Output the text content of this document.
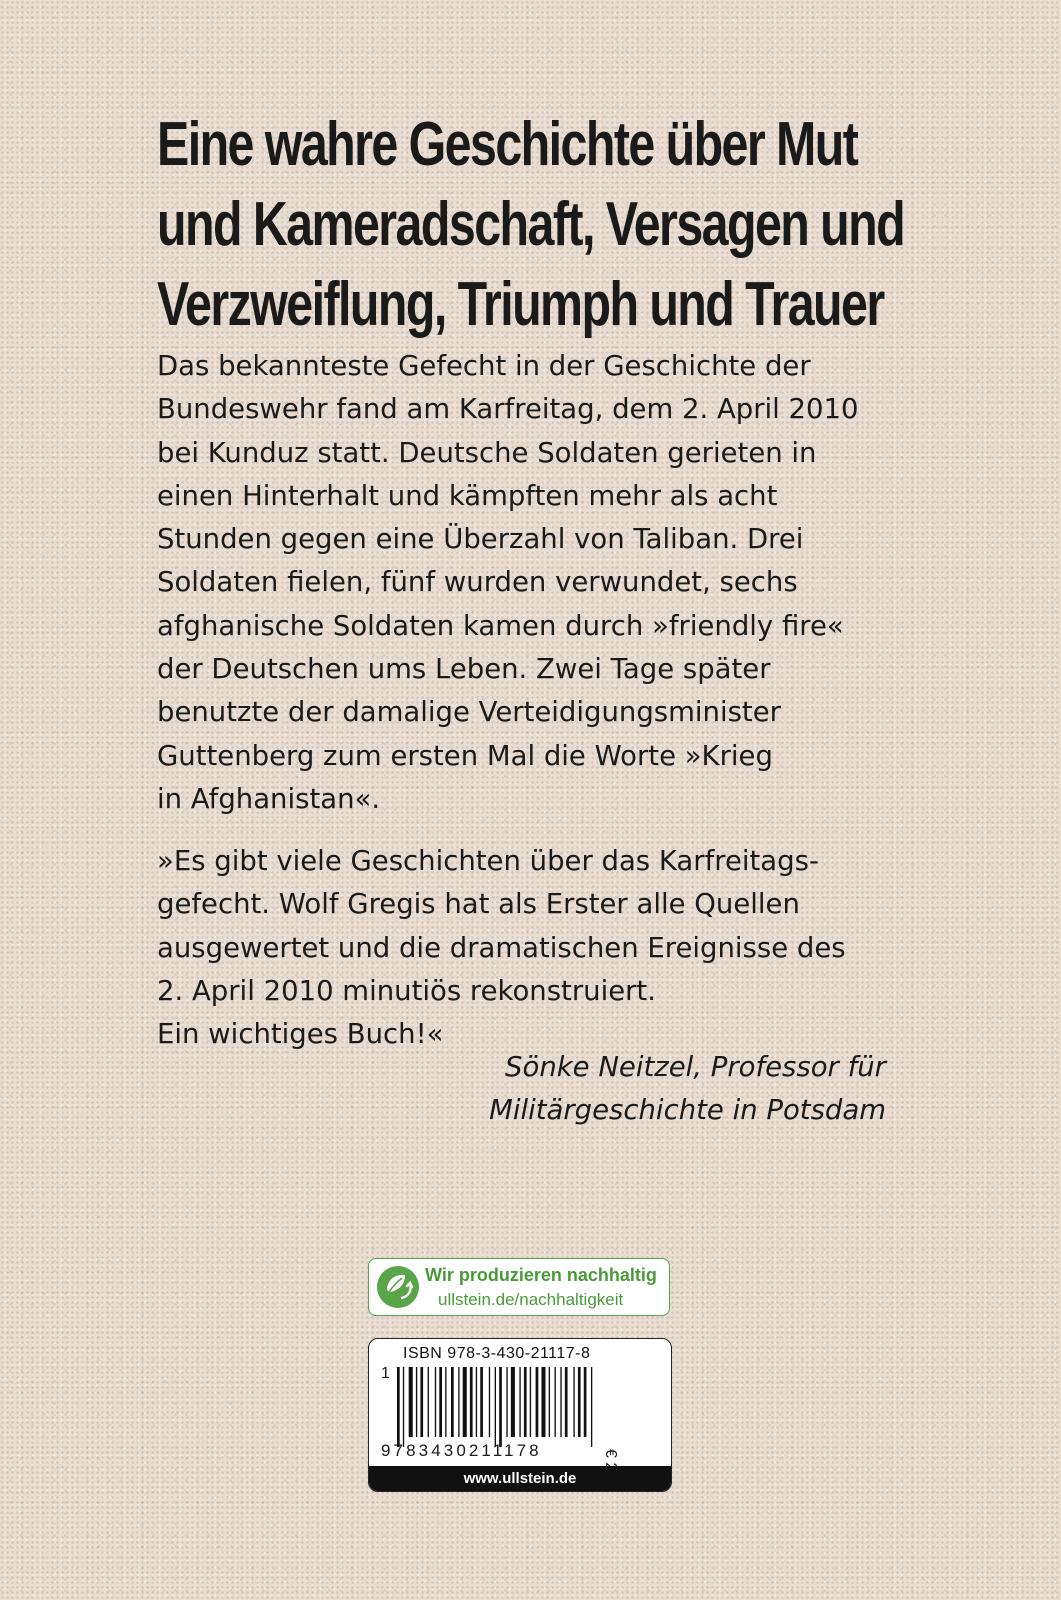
Eine wahre Geschichte über Mut
und Kameradschaft, Versagen und
Verzweiflung, Triumph und Trauer

Das bekannteste Gefecht in der Geschichte der
Bundeswehr fand am Karfreitag, dem 2. April 2010
bei Kunduz statt. Deutsche Soldaten gerieten in
einen Hinterhalt und kämpften mehr als acht
Stunden gegen eine Überzahl von Taliban. Drei
Soldaten fielen, fünf wurden verwundet, sechs
afghanische Soldaten kamen durch »friendly fire«
der Deutschen ums Leben. Zwei Tage später
benutzte der damalige Verteidigungsminister
Guttenberg zum ersten Mal die Worte »Krieg
in Afghanistan«.

»Es gibt viele Geschichten über das Karfreitags-
gefecht. Wolf Gregis hat als Erster alle Quellen
ausgewertet und die dramatischen Ereignisse des
2. April 2010 minutiös rekonstruiert.
Ein wichtiges Buch!«

Sönke Neitzel, Professor für
Militärgeschichte in Potsdam

Wir produzieren nachhaltig
ullstein.de/nachhaltigkeit
ISBN 978-3-430-21117-8
1
9783430211178
www.ullstein.de
